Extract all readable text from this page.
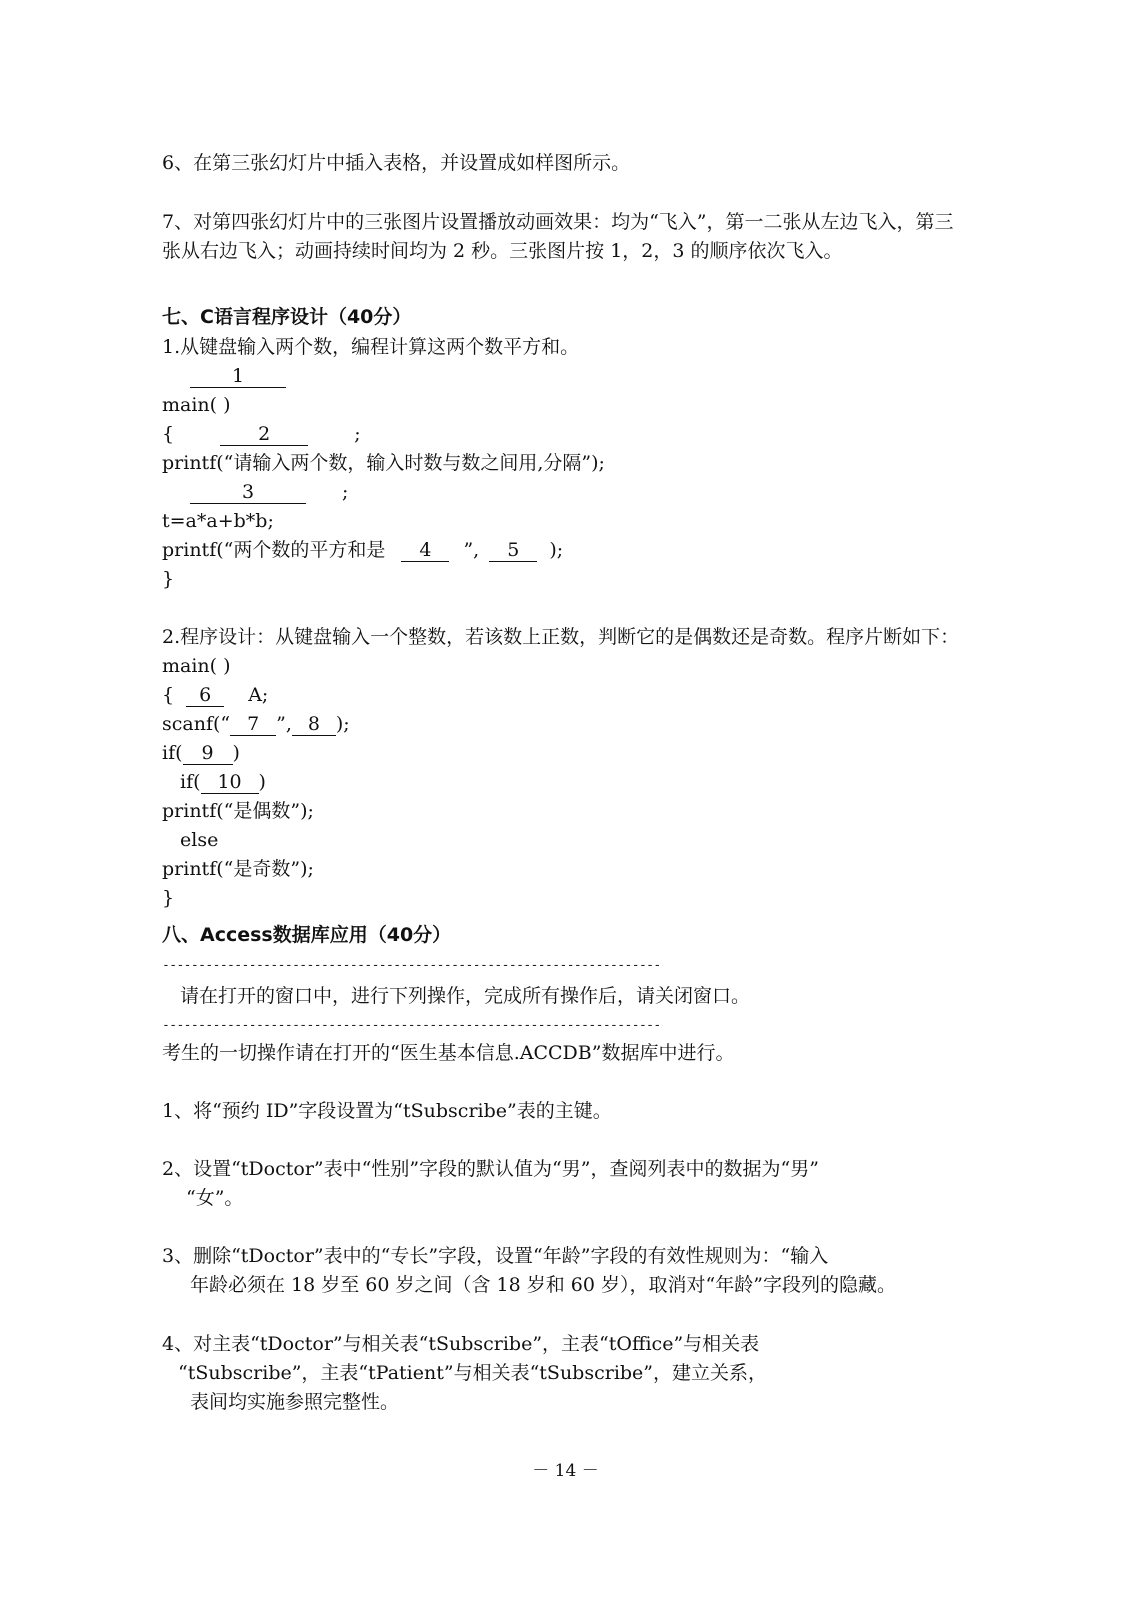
6、在第三张幻灯片中插入表格，并设置成如样图所示。
7、对第四张幻灯片中的三张图片设置播放动画效果：均为“飞入”，第一二张从左边飞入，第三
张从右边飞入；动画持续时间均为 2 秒。三张图片按 1，2，3 的顺序依次飞入。
七、C语言程序设计（40分）
1.从键盘输入两个数，编程计算这两个数平方和。
1
main( )
{	2	;
printf(“请输入两个数，输入时数与数之间用,分隔”);
3	;
t=a*a+b*b;
printf(“两个数的平方和是 4 ”, 5 );
}
2.程序设计：从键盘输入一个整数，若该数上正数，判断它的是偶数还是奇数。程序片断如下：
main( )
{ 6 A;
scanf(“ 7 ”, 8 );
if( 9 )
if( 10 )
printf(“是偶数”);
else
printf(“是奇数”);
}
八、Access数据库应用（40分）
---------------------------------------------------------------------
请在打开的窗口中，进行下列操作，完成所有操作后，请关闭窗口。
---------------------------------------------------------------------
考生的一切操作请在打开的“医生基本信息.ACCDB”数据库中进行。
1、将“预约 ID”字段设置为“tSubscribe”表的主键。
2、设置“tDoctor”表中“性别”字段的默认值为“男”，查阅列表中的数据为“男”
“女”。
3、删除“tDoctor”表中的“专长”字段，设置“年龄”字段的有效性规则为：“输入
年龄必须在 18 岁至 60 岁之间（含 18 岁和 60 岁），取消对“年龄”字段列的隐藏。
4、对主表“tDoctor”与相关表“tSubscribe”，主表“tOffice”与相关表
“tSubscribe”，主表“tPatient”与相关表“tSubscribe”，建立关系，
表间均实施参照完整性。
－ 14 －
